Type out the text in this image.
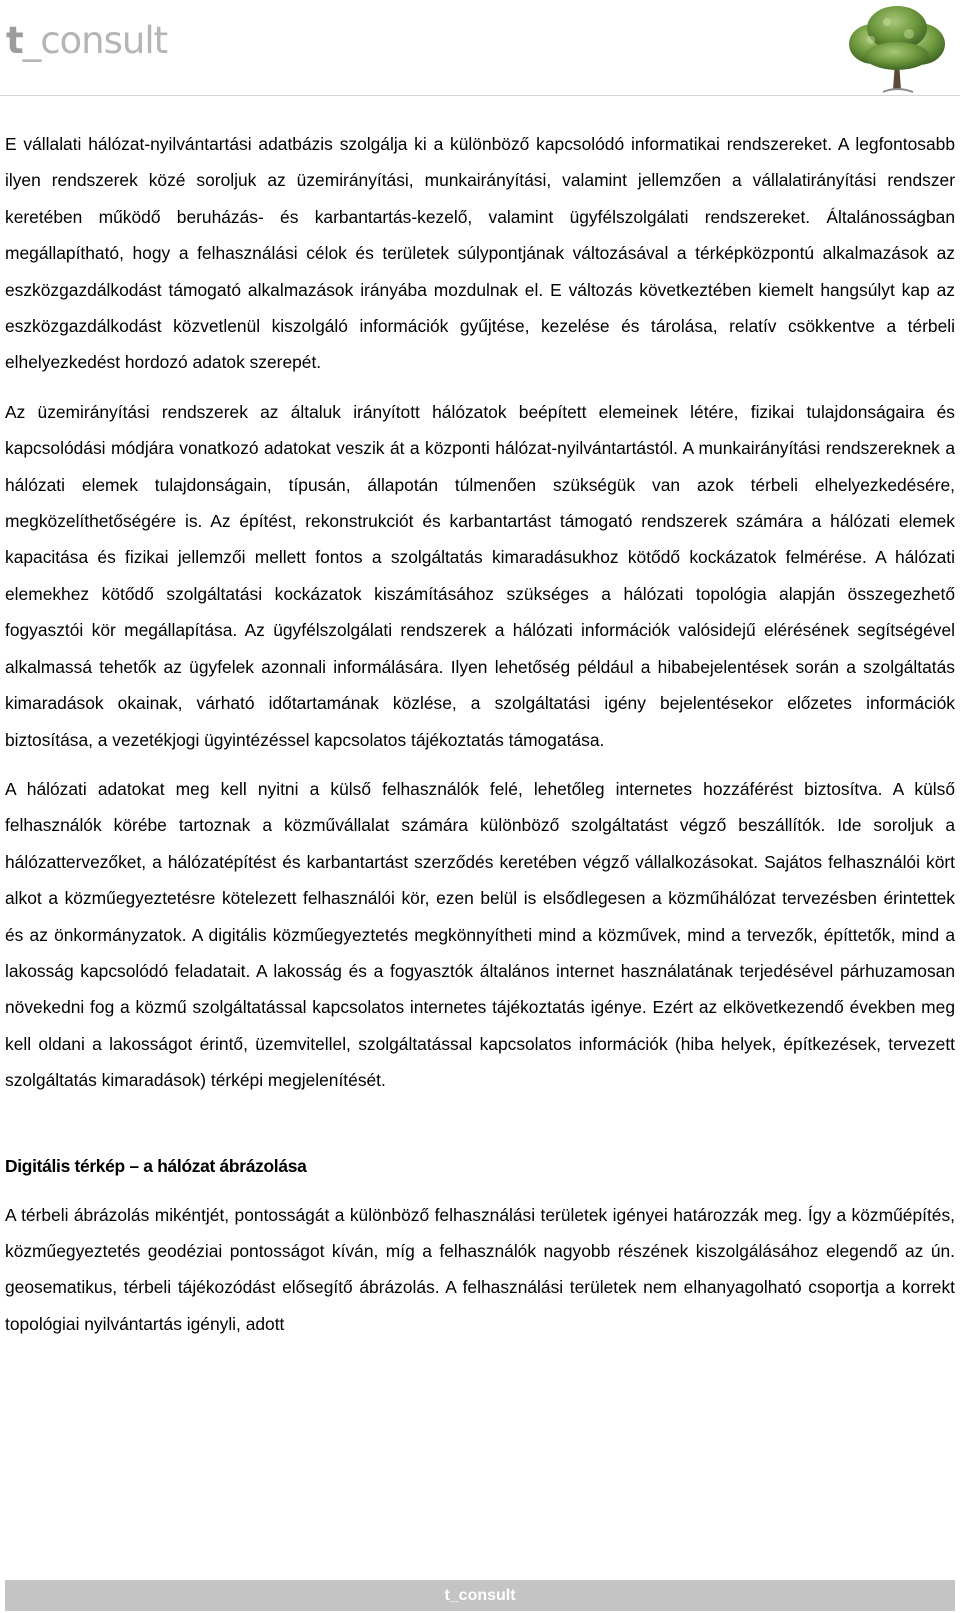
t_consult

E vállalati hálózat-nyilvántartási adatbázis szolgálja ki a különböző kapcsolódó informatikai rendszereket. A legfontosabb ilyen rendszerek közé soroljuk az üzemirányítási, munkairányítási, valamint jellemzően a vállalatirányítási rendszer keretében működő beruházás- és karbantartás-kezelő, valamint ügyfélszolgálati rendszereket. Általánosságban megállapítható, hogy a felhasználási célok és területek súlypontjának változásával a térképközpontú alkalmazások az eszközgazdálkodást támogató alkalmazások irányába mozdulnak el. E változás következtében kiemelt hangsúlyt kap az eszközgazdálkodást közvetlenül kiszolgáló információk gyűjtése, kezelése és tárolása, relatív csökkentve a térbeli elhelyezkedést hordozó adatok szerepét.

Az üzemirányítási rendszerek az általuk irányított hálózatok beépített elemeinek létére, fizikai tulajdonságaira és kapcsolódási módjára vonatkozó adatokat veszik át a központi hálózat-nyilvántartástól. A munkairányítási rendszereknek a hálózati elemek tulajdonságain, típusán, állapotán túlmenően szükségük van azok térbeli elhelyezkedésére, megközelíthetőségére is. Az építést, rekonstrukciót és karbantartást támogató rendszerek számára a hálózati elemek kapacitása és fizikai jellemzői mellett fontos a szolgáltatás kimaradásukhoz kötődő kockázatok felmérése. A hálózati elemekhez kötődő szolgáltatási kockázatok kiszámításához szükséges a hálózati topológia alapján összegezhető fogyasztói kör megállapítása. Az ügyfélszolgálati rendszerek a hálózati információk valósidejű elérésének segítségével alkalmassá tehetők az ügyfelek azonnali informálására. Ilyen lehetőség például a hibabejelentések során a szolgáltatás kimaradások okainak, várható időtartamának közlése, a szolgáltatási igény bejelentésekor előzetes információk biztosítása, a vezetékjogi ügyintézéssel kapcsolatos tájékoztatás támogatása.

A hálózati adatokat meg kell nyitni a külső felhasználók felé, lehetőleg internetes hozzáférést biztosítva. A külső felhasználók körébe tartoznak a közművállalat számára különböző szolgáltatást végző beszállítók. Ide soroljuk a hálózattervezőket, a hálózatépítést és karbantartást szerződés keretében végző vállalkozásokat. Sajátos felhasználói kört alkot a közműegyeztetésre kötelezett felhasználói kör, ezen belül is elsődlegesen a közműhálózat tervezésben érintettek és az önkormányzatok. A digitális közműegyeztetés megkönnyítheti mind a közművek, mind a tervezők, építtetők, mind a lakosság kapcsolódó feladatait. A lakosság és a fogyasztók általános internet használatának terjedésével párhuzamosan növekedni fog a közmű szolgáltatással kapcsolatos internetes tájékoztatás igénye. Ezért az elkövetkezendő években meg kell oldani a lakosságot érintő, üzemvitellel, szolgáltatással kapcsolatos információk (hiba helyek, építkezések, tervezett szolgáltatás kimaradások) térképi megjelenítését.

Digitális térkép – a hálózat ábrázolása

A térbeli ábrázolás mikéntjét, pontosságát a különböző felhasználási területek igényei határozzák meg. Így a közműépítés, közműegyeztetés geodéziai pontosságot kíván, míg a felhasználók nagyobb részének kiszolgálásához elegendő az ún. geosematikus, térbeli tájékozódást elősegítő ábrázolás. A felhasználási területek nem elhanyagolható csoportja a korrekt topológiai nyilvántartás igényli, adott

t_consult
